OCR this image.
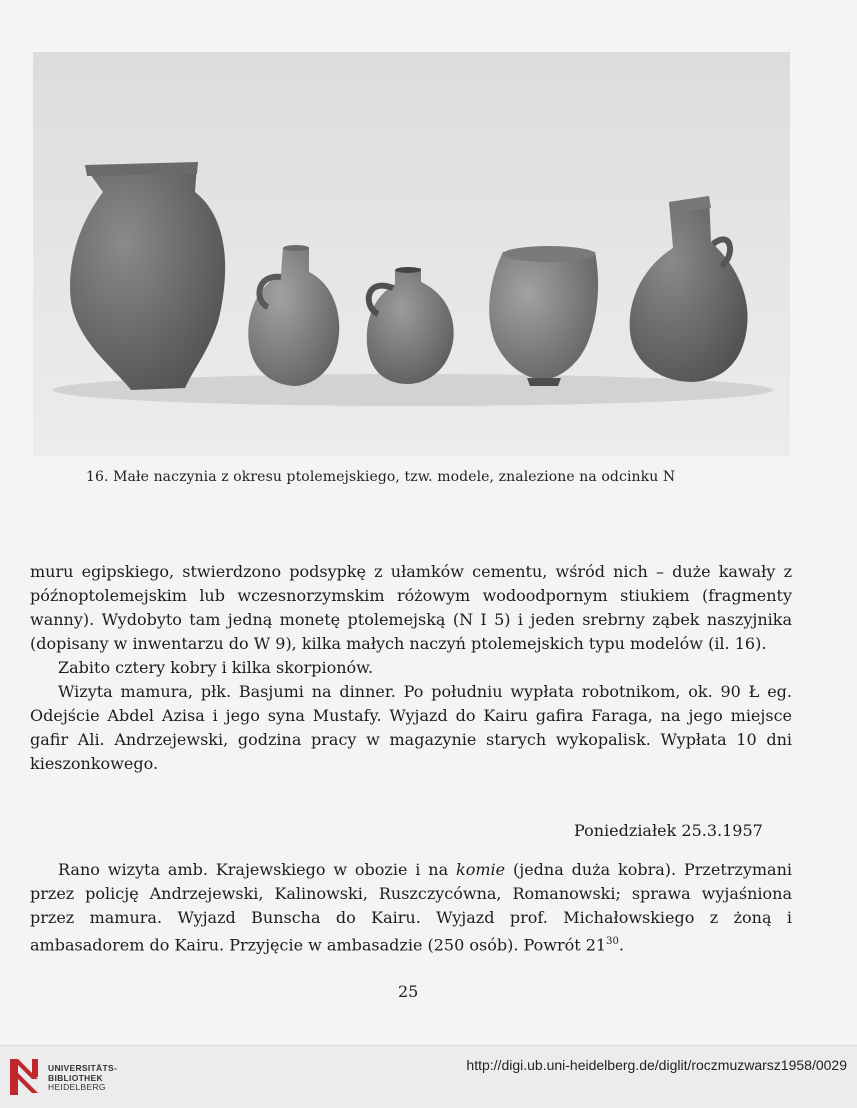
16. Małe naczynia z okresu ptolemejskiego, tzw. modele, znalezione na odcinku N

muru egipskiego, stwierdzono podsypkę z ułamków cementu, wśród nich – duże kawały z późnoptolemejskim lub wczesnorzymskim różowym wodoodpornym stiukiem (fragmenty wanny). Wydobyto tam jedną monetę ptolemejską (N I 5) i jeden srebrny ząbek naszyjnika (dopisany w inwentarzu do W 9), kilka małych naczyń ptolemejskich typu modelów (il. 16).

Zabito cztery kobry i kilka skorpionów.

Wizyta mamura, płk. Basjumi na dinner. Po południu wypłata robotnikom, ok. 90 Ł eg. Odejście Abdel Azisa i jego syna Mustafy. Wyjazd do Kairu gafira Faraga, na jego miejsce gafir Ali. Andrzejewski, godzina pracy w magazynie starych wykopalisk. Wypłata 10 dni kieszonkowego.

Poniedziałek 25.3.1957

Rano wizyta amb. Krajewskiego w obozie i na komie (jedna duża kobra). Przetrzymani przez policję Andrzejewski, Kalinowski, Ruszczycówna, Romanowski; sprawa wyjaśniona przez mamura. Wyjazd Bunscha do Kairu. Wyjazd prof. Michałowskiego z żoną i ambasadorem do Kairu. Przyjęcie w ambasadzie (250 osób). Powrót $21^{30}$.

25
UNIVERSITÄTS-
BIBLIOTHEK
HEIDELBERG
http://digi.ub.uni-heidelberg.de/diglit/roczmuzwarsz1958/0029
